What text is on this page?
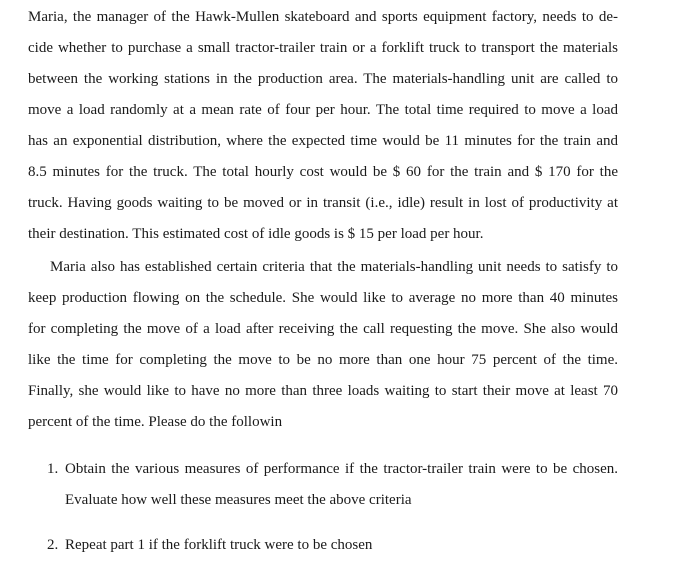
Maria, the manager of the Hawk-Mullen skateboard and sports equipment factory, needs to de-
cide whether to purchase a small tractor-trailer train or a forklift truck to transport the materials
between the working stations in the production area. The materials-handling unit are called to
move a load randomly at a mean rate of four per hour. The total time required to move a load
has an exponential distribution, where the expected time would be 11 minutes for the train and
8.5 minutes for the truck. The total hourly cost would be $ 60 for the train and $ 170 for the
truck. Having goods waiting to be moved or in transit (i.e., idle) result in lost of productivity at
their destination. This estimated cost of idle goods is $ 15 per load per hour.

Maria also has established certain criteria that the materials-handling unit needs to satisfy to
keep production flowing on the schedule. She would like to average no more than 40 minutes
for completing the move of a load after receiving the call requesting the move. She also would
like the time for completing the move to be no more than one hour 75 percent of the time.
Finally, she would like to have no more than three loads waiting to start their move at least 70
percent of the time. Please do the followin

1. Obtain the various measures of performance if the tractor-trailer train were to be chosen.
Evaluate how well these measures meet the above criteria
2. Repeat part 1 if the forklift truck were to be chosen
